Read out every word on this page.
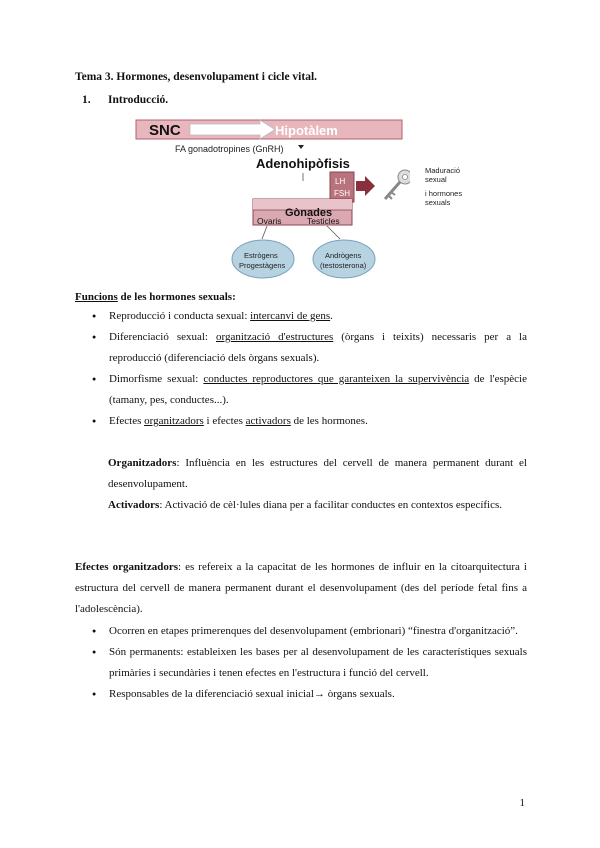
Tema 3. Hormones, desenvolupament i cicle vital.
1. Introducció.
SNC	Hipotàlem
FA gonadotropines (GnRH)
Adenohipòfisis
LH
FSH
Gònades
Ovaris	Testicles
Estrògens
Progestàgens
Andrògens
(testosterona)
Maduració
sexual
i hormones
sexuals
Funcions de les hormones sexuals:
● Reproducció i conducta sexual: intercanvi de gens.
● Diferenciació sexual: organització d'estructures (òrgans i teixits) necessaris per a la reproducció (diferenciació dels òrgans sexuals).
● Dimorfisme sexual: conductes reproductores que garanteixen la supervivència de l'espècie (tamany, pes, conductes...).
● Efectes organitzadors i efectes activadors de les hormones.
Organitzadors: Influència en les estructures del cervell de manera permanent durant el desenvolupament.
Activadors: Activació de cèl·lules diana per a facilitar conductes en contextos específics.
Efectes organitzadors: es refereix a la capacitat de les hormones de influir en la citoarquitectura i estructura del cervell de manera permanent durant el desenvolupament (des del període fetal fins a l'adolescència).
● Ocorren en etapes primerenques del desenvolupament (embrionari) “finestra d'organització”.
● Són permanents: estableixen les bases per al desenvolupament de les característiques sexuals primàries i secundàries i tenen efectes en l'estructura i funció del cervell.
● Responsables de la diferenciació sexual inicial→ òrgans sexuals.
1
